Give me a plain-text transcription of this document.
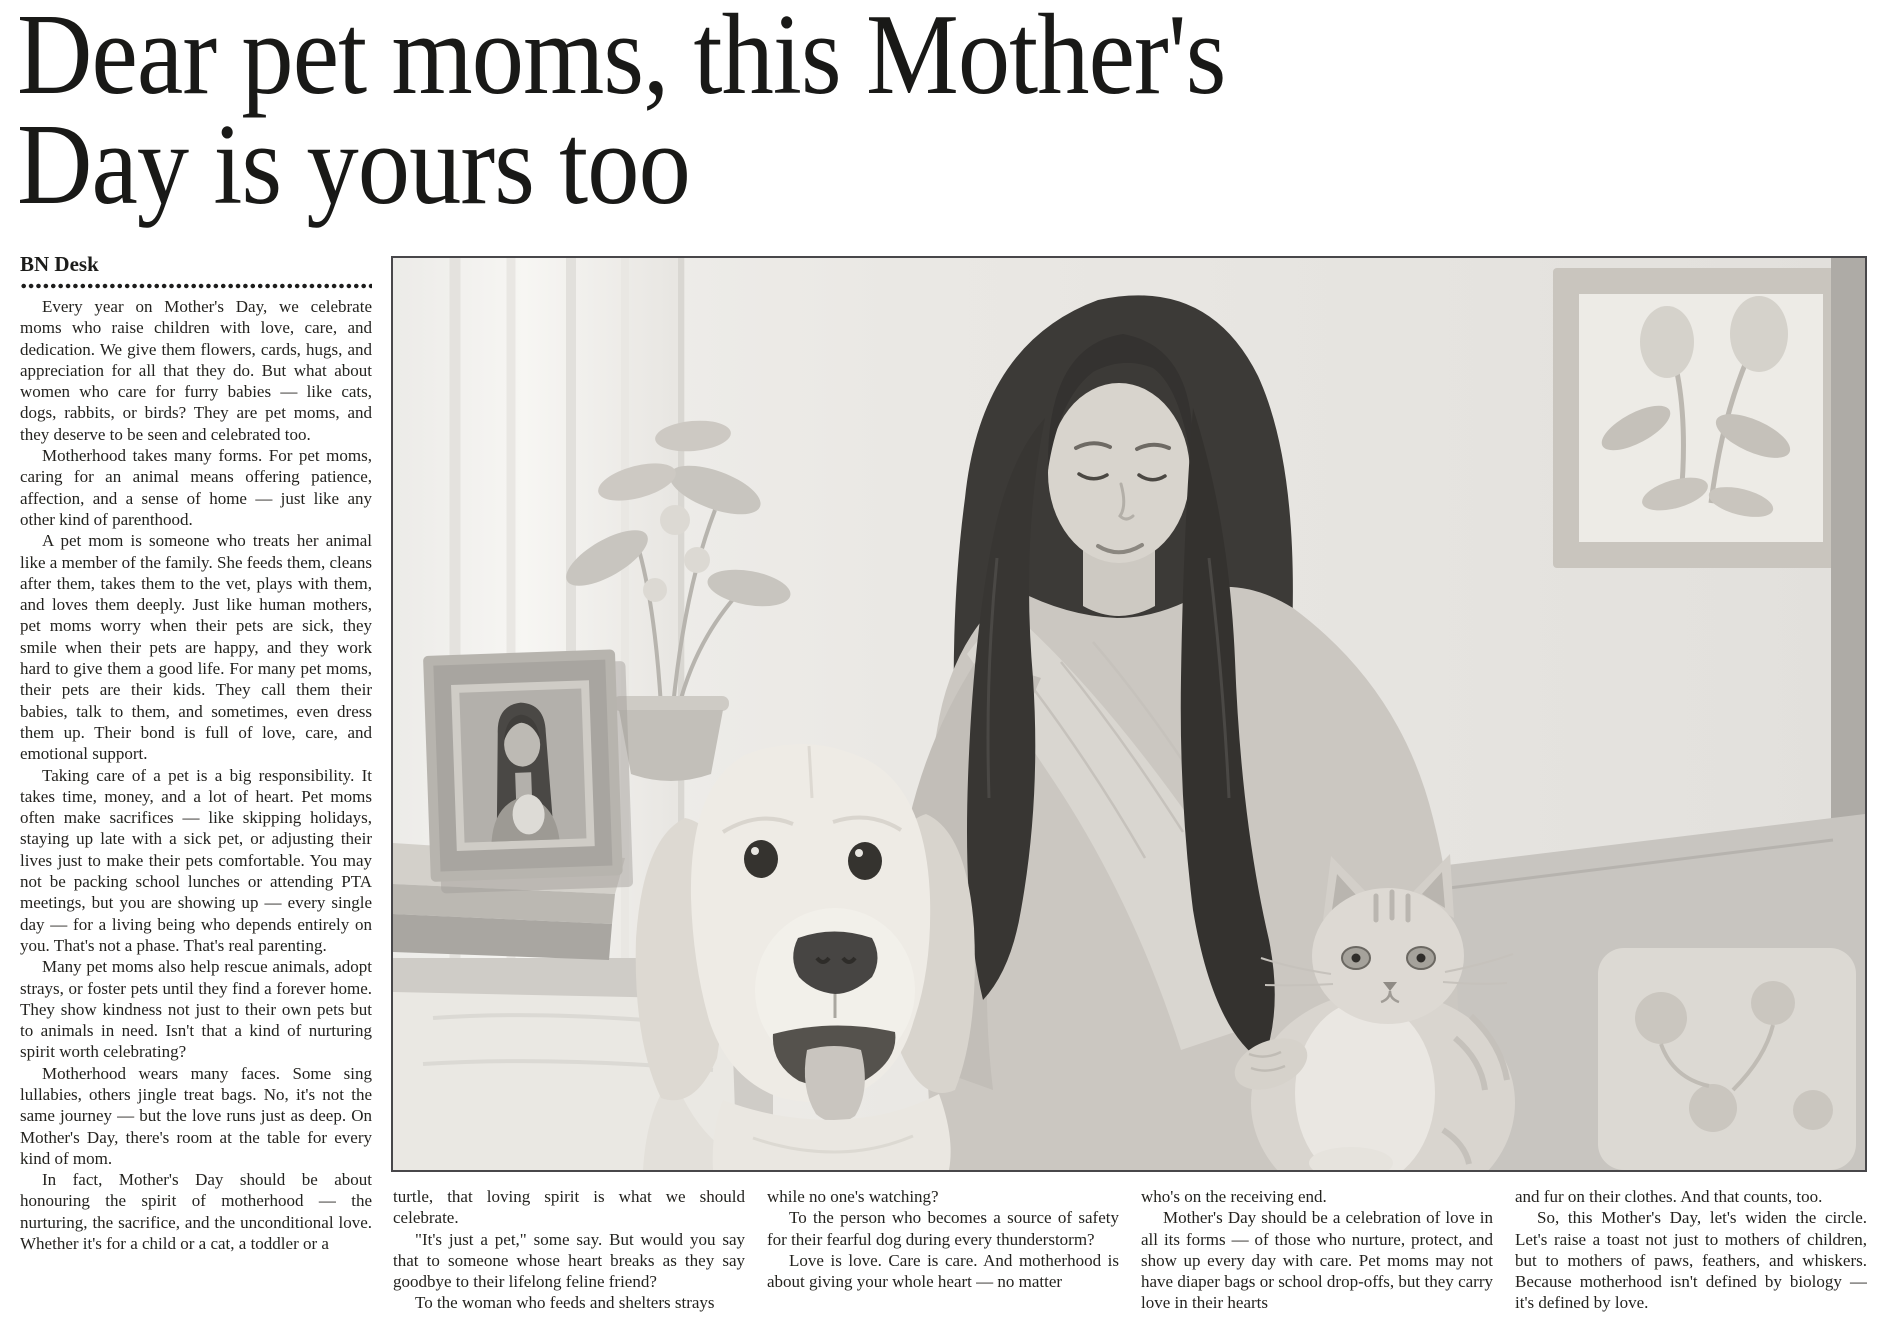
Dear pet moms, this Mother's
Day is yours too
BN Desk

Every year on Mother's Day, we celebrate moms who raise children with love, care, and dedication. We give them flowers, cards, hugs, and appreciation for all that they do. But what about women who care for furry babies — like cats, dogs, rabbits, or birds? They are pet moms, and they deserve to be seen and celebrated too.

Motherhood takes many forms. For pet moms, caring for an animal means offering patience, affection, and a sense of home — just like any other kind of parenthood.

A pet mom is someone who treats her animal like a member of the family. She feeds them, cleans after them, takes them to the vet, plays with them, and loves them deeply. Just like human mothers, pet moms worry when their pets are sick, they smile when their pets are happy, and they work hard to give them a good life. For many pet moms, their pets are their kids. They call them their babies, talk to them, and sometimes, even dress them up. Their bond is full of love, care, and emotional support.

Taking care of a pet is a big responsibility. It takes time, money, and a lot of heart. Pet moms often make sacrifices — like skipping holidays, staying up late with a sick pet, or adjusting their lives just to make their pets comfortable. You may not be packing school lunches or attending PTA meetings, but you are showing up — every single day — for a living being who depends entirely on you. That's not a phase. That's real parenting.

Many pet moms also help rescue animals, adopt strays, or foster pets until they find a forever home. They show kindness not just to their own pets but to animals in need. Isn't that a kind of nurturing spirit worth celebrating?

Motherhood wears many faces. Some sing lullabies, others jingle treat bags. No, it's not the same journey — but the love runs just as deep. On Mother's Day, there's room at the table for every kind of mom.

In fact, Mother's Day should be about honouring the spirit of motherhood — the nurturing, the sacrifice, and the unconditional love. Whether it's for a child or a cat, a toddler or a

turtle, that loving spirit is what we should celebrate.

"It's just a pet," some say. But would you say that to someone whose heart breaks as they say goodbye to their lifelong feline friend?

To the woman who feeds and shelters strays

while no one's watching?

To the person who becomes a source of safety for their fearful dog during every thunderstorm?

Love is love. Care is care. And motherhood is about giving your whole heart — no matter

who's on the receiving end.

Mother's Day should be a celebration of love in all its forms — of those who nurture, protect, and show up every day with care. Pet moms may not have diaper bags or school drop-offs, but they carry love in their hearts

and fur on their clothes. And that counts, too.

So, this Mother's Day, let's widen the circle. Let's raise a toast not just to mothers of children, but to mothers of paws, feathers, and whiskers. Because motherhood isn't defined by biology — it's defined by love.
